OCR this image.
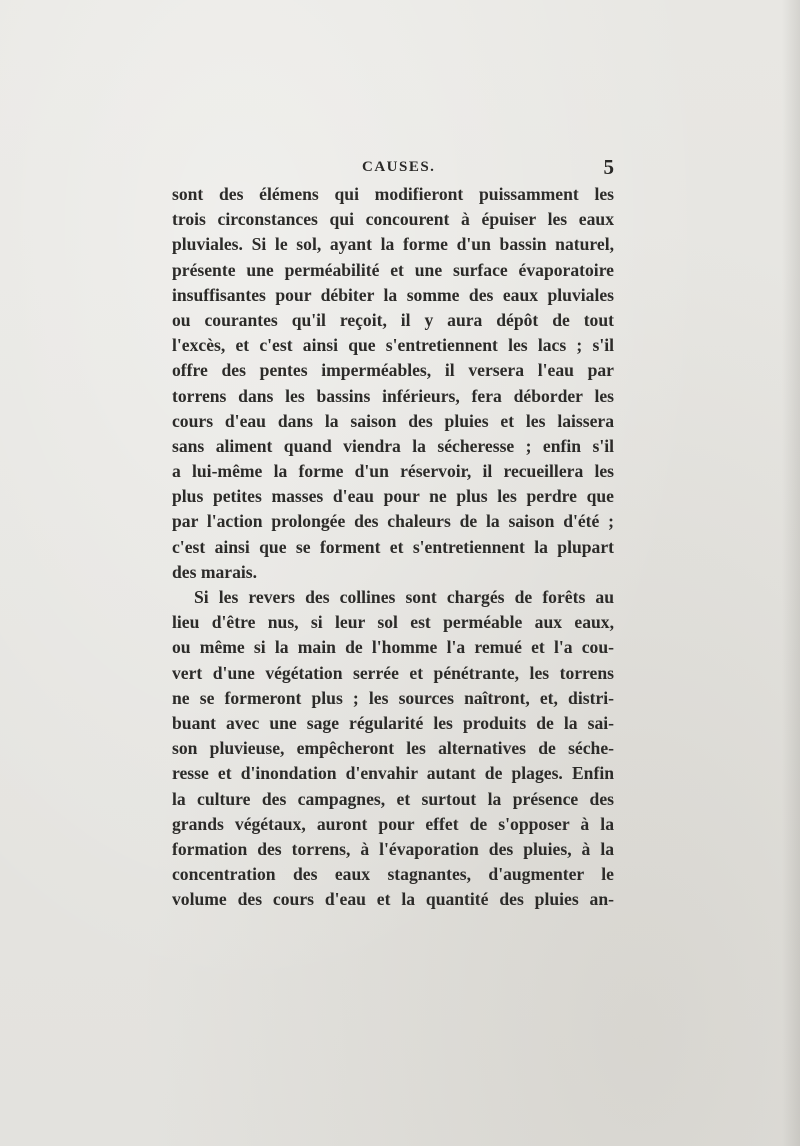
CAUSES.	5
sont des élémens qui modifieront puissamment les
trois circonstances qui concourent à épuiser les eaux
pluviales. Si le sol, ayant la forme d'un bassin naturel,
présente une perméabilité et une surface évaporatoire
insuffisantes pour débiter la somme des eaux pluviales
ou courantes qu'il reçoit, il y aura dépôt de tout
l'excès, et c'est ainsi que s'entretiennent les lacs ; s'il
offre des pentes imperméables, il versera l'eau par
torrens dans les bassins inférieurs, fera déborder les
cours d'eau dans la saison des pluies et les laissera
sans aliment quand viendra la sécheresse ; enfin s'il
a lui-même la forme d'un réservoir, il recueillera les
plus petites masses d'eau pour ne plus les perdre que
par l'action prolongée des chaleurs de la saison d'été ;
c'est ainsi que se forment et s'entretiennent la plupart
des marais.
Si les revers des collines sont chargés de forêts au
lieu d'être nus, si leur sol est perméable aux eaux,
ou même si la main de l'homme l'a remué et l'a cou-
vert d'une végétation serrée et pénétrante, les torrens
ne se formeront plus ; les sources naîtront, et, distri-
buant avec une sage régularité les produits de la sai-
son pluvieuse, empêcheront les alternatives de séche-
resse et d'inondation d'envahir autant de plages. Enfin
la culture des campagnes, et surtout la présence des
grands végétaux, auront pour effet de s'opposer à la
formation des torrens, à l'évaporation des pluies, à la
concentration des eaux stagnantes, d'augmenter le
volume des cours d'eau et la quantité des pluies an-
